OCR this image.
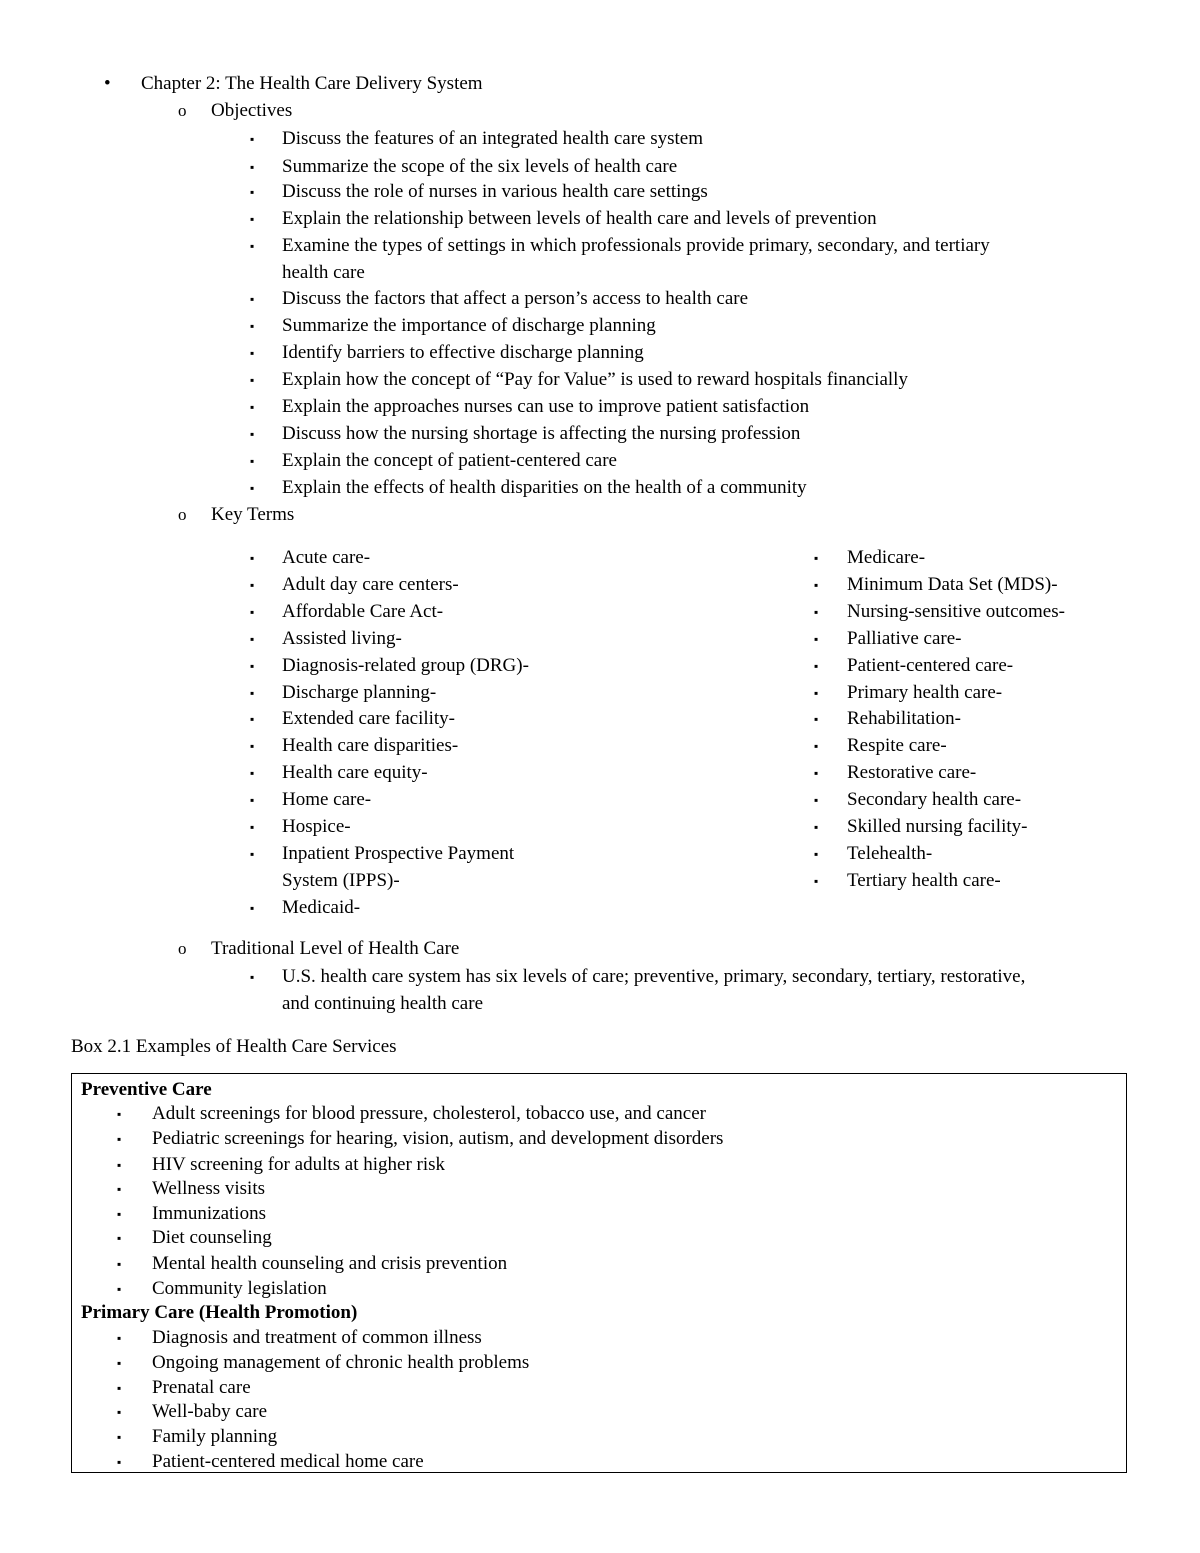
• Chapter 2: The Health Care Delivery System
o Objectives
▪ Discuss the features of an integrated health care system
▪ Summarize the scope of the six levels of health care
▪ Discuss the role of nurses in various health care settings
▪ Explain the relationship between levels of health care and levels of prevention
▪ Examine the types of settings in which professionals provide primary, secondary, and tertiary
health care
▪ Discuss the factors that affect a person’s access to health care
▪ Summarize the importance of discharge planning
▪ Identify barriers to effective discharge planning
▪ Explain how the concept of “Pay for Value” is used to reward hospitals financially
▪ Explain the approaches nurses can use to improve patient satisfaction
▪ Discuss how the nursing shortage is affecting the nursing profession
▪ Explain the concept of patient-centered care
▪ Explain the effects of health disparities on the health of a community
o Key Terms
▪ Acute care-
▪ Adult day care centers-
▪ Affordable Care Act-
▪ Assisted living-
▪ Diagnosis-related group (DRG)-
▪ Discharge planning-
▪ Extended care facility-
▪ Health care disparities-
▪ Health care equity-
▪ Home care-
▪ Hospice-
▪ Inpatient Prospective Payment
System (IPPS)-
▪ Medicaid-
▪ Medicare-
▪ Minimum Data Set (MDS)-
▪ Nursing-sensitive outcomes-
▪ Palliative care-
▪ Patient-centered care-
▪ Primary health care-
▪ Rehabilitation-
▪ Respite care-
▪ Restorative care-
▪ Secondary health care-
▪ Skilled nursing facility-
▪ Telehealth-
▪ Tertiary health care-
o Traditional Level of Health Care
▪ U.S. health care system has six levels of care; preventive, primary, secondary, tertiary, restorative,
and continuing health care
Box 2.1 Examples of Health Care Services
Preventive Care
▪ Adult screenings for blood pressure, cholesterol, tobacco use, and cancer
▪ Pediatric screenings for hearing, vision, autism, and development disorders
▪ HIV screening for adults at higher risk
▪ Wellness visits
▪ Immunizations
▪ Diet counseling
▪ Mental health counseling and crisis prevention
▪ Community legislation
Primary Care (Health Promotion)
▪ Diagnosis and treatment of common illness
▪ Ongoing management of chronic health problems
▪ Prenatal care
▪ Well-baby care
▪ Family planning
▪ Patient-centered medical home care
